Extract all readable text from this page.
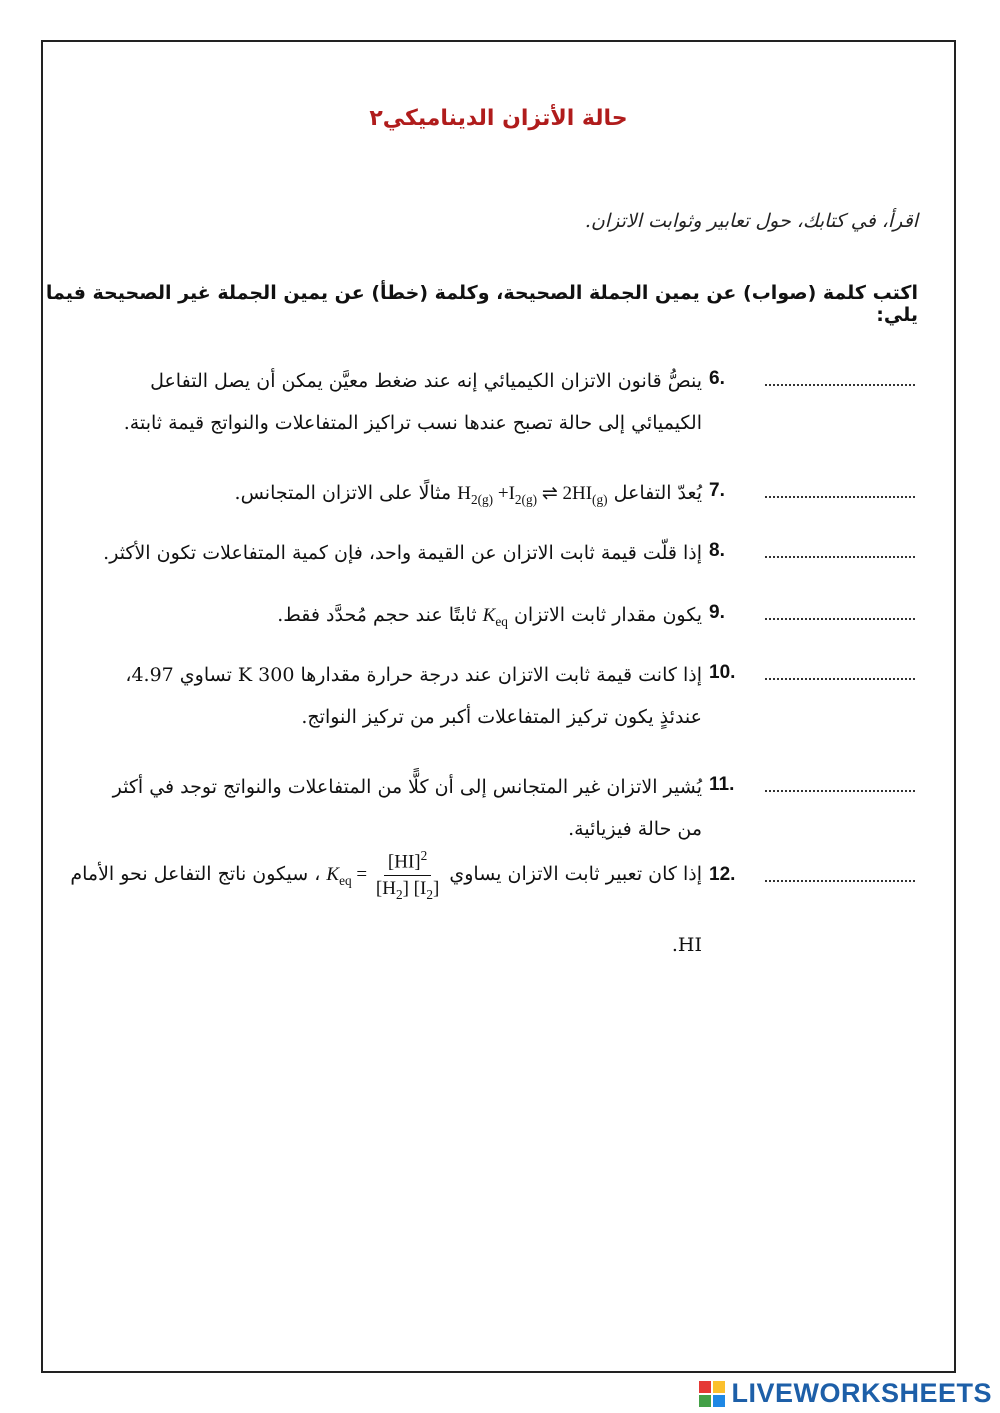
حالة الأتزان الديناميكي٢
اقرأ، في كتابك، حول تعابير وثوابت الاتزان.
اكتب كلمة (صواب) عن يمين الجملة الصحيحة، وكلمة (خطأ) عن يمين الجملة غير الصحيحة فيما يلي:
6.
ينصُّ قانون الاتزان الكيميائي إنه عند ضغط معيَّن يمكن أن يصل التفاعل الكيميائي إلى حالة تصبح عندها نسب تراكيز المتفاعلات والنواتج قيمة ثابتة.
7.
يُعدّ التفاعل $H_{2(g)} +I_{2(g)}$ ⇌ $2HI_{(g)}$ مثالًا على الاتزان المتجانس.
8.
إذا قلّت قيمة ثابت الاتزان عن القيمة واحد، فإن كمية المتفاعلات تكون الأكثر.
9.
يكون مقدار ثابت الاتزان $K_{eq}$ ثابتًا عند حجم مُحدَّد فقط.
10.
إذا كانت قيمة ثابت الاتزان عند درجة حرارة مقدارها 300 K تساوي 4.97، عندئذٍ يكون تركيز المتفاعلات أكبر من تركيز النواتج.
11.
يُشير الاتزان غير المتجانس إلى أن كلًّا من المتفاعلات والنواتج توجد في أكثر من حالة فيزيائية.
12.
إذا كان تعبير ثابت الاتزان يساوي $K_{eq} = \frac{[HI]^2}{[H_2] [I_2]}$
، سيكون ناتج التفاعل نحو الأمام HI.
LIVEWORKSHEETS
